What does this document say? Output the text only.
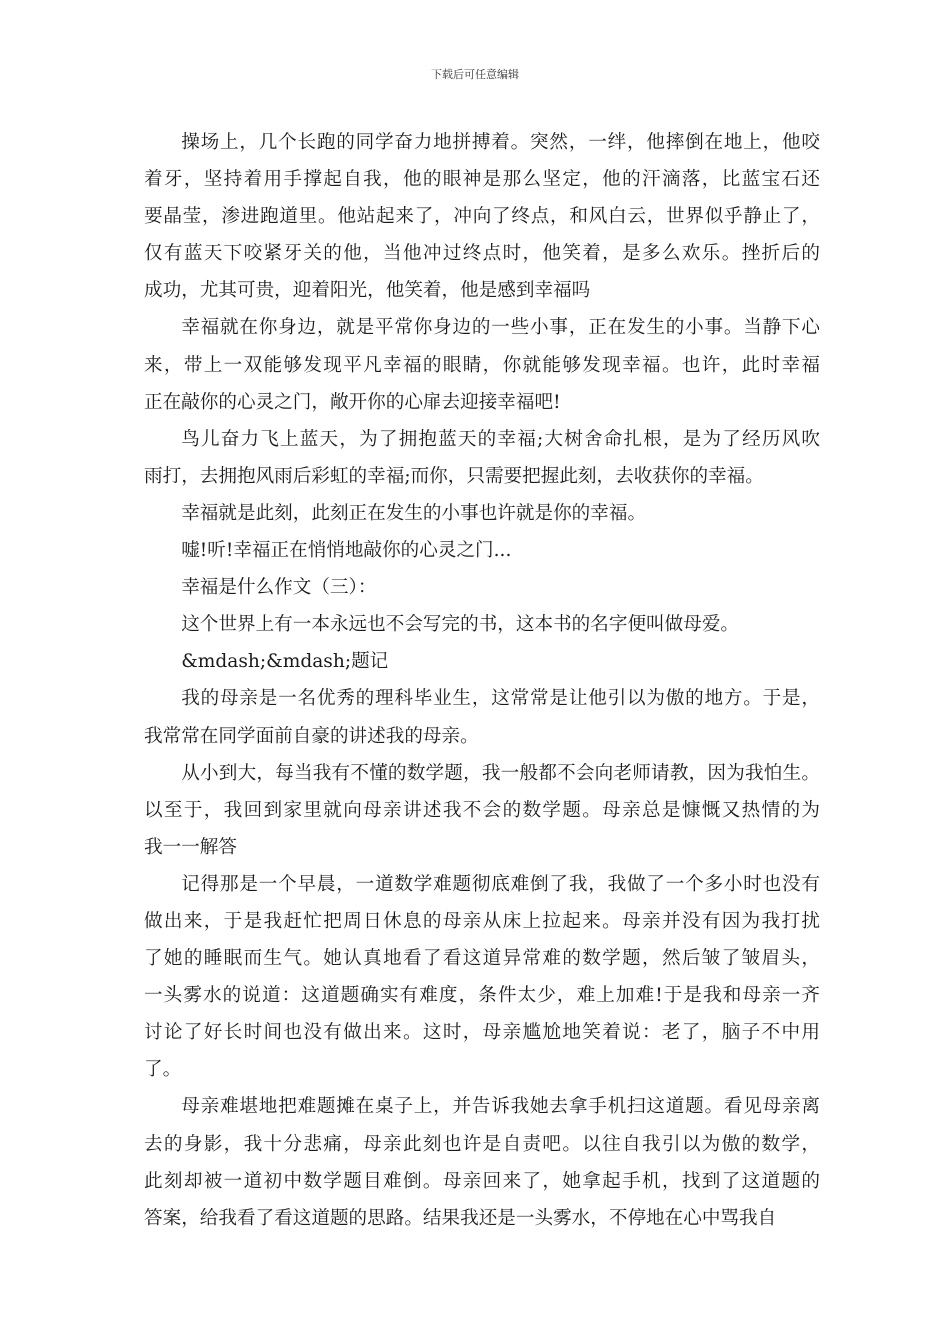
下载后可任意编辑

操场上，几个长跑的同学奋力地拼搏着。突然，一绊，他摔倒在地上，他咬
着牙，坚持着用手撑起自我，他的眼神是那么坚定，他的汗滴落，比蓝宝石还
要晶莹，渗进跑道里。他站起来了，冲向了终点，和风白云，世界似乎静止了，
仅有蓝天下咬紧牙关的他，当他冲过终点时，他笑着，是多么欢乐。挫折后的
成功，尤其可贵，迎着阳光，他笑着，他是感到幸福吗

幸福就在你身边，就是平常你身边的一些小事，正在发生的小事。当静下心
来，带上一双能够发现平凡幸福的眼睛，你就能够发现幸福。也许，此时幸福
正在敲你的心灵之门，敞开你的心扉去迎接幸福吧!

鸟儿奋力飞上蓝天，为了拥抱蓝天的幸福;大树舍命扎根，是为了经历风吹
雨打，去拥抱风雨后彩虹的幸福;而你，只需要把握此刻，去收获你的幸福。

幸福就是此刻，此刻正在发生的小事也许就是你的幸福。

嘘!听!幸福正在悄悄地敲你的心灵之门...

幸福是什么作文（三）：

这个世界上有一本永远也不会写完的书，这本书的名字便叫做母爱。

&mdash;&mdash;题记

我的母亲是一名优秀的理科毕业生，这常常是让他引以为傲的地方。于是，
我常常在同学面前自豪的讲述我的母亲。

从小到大，每当我有不懂的数学题，我一般都不会向老师请教，因为我怕生。
以至于，我回到家里就向母亲讲述我不会的数学题。母亲总是慷慨又热情的为
我一一解答

记得那是一个早晨，一道数学难题彻底难倒了我，我做了一个多小时也没有
做出来，于是我赶忙把周日休息的母亲从床上拉起来。母亲并没有因为我打扰
了她的睡眠而生气。她认真地看了看这道异常难的数学题，然后皱了皱眉头，
一头雾水的说道：这道题确实有难度，条件太少，难上加难!于是我和母亲一齐
讨论了好长时间也没有做出来。这时，母亲尴尬地笑着说：老了，脑子不中用
了。

母亲难堪地把难题摊在桌子上，并告诉我她去拿手机扫这道题。看见母亲离
去的身影，我十分悲痛，母亲此刻也许是自责吧。以往自我引以为傲的数学，
此刻却被一道初中数学题目难倒。母亲回来了，她拿起手机，找到了这道题的
答案，给我看了看这道题的思路。结果我还是一头雾水，不停地在心中骂我自
